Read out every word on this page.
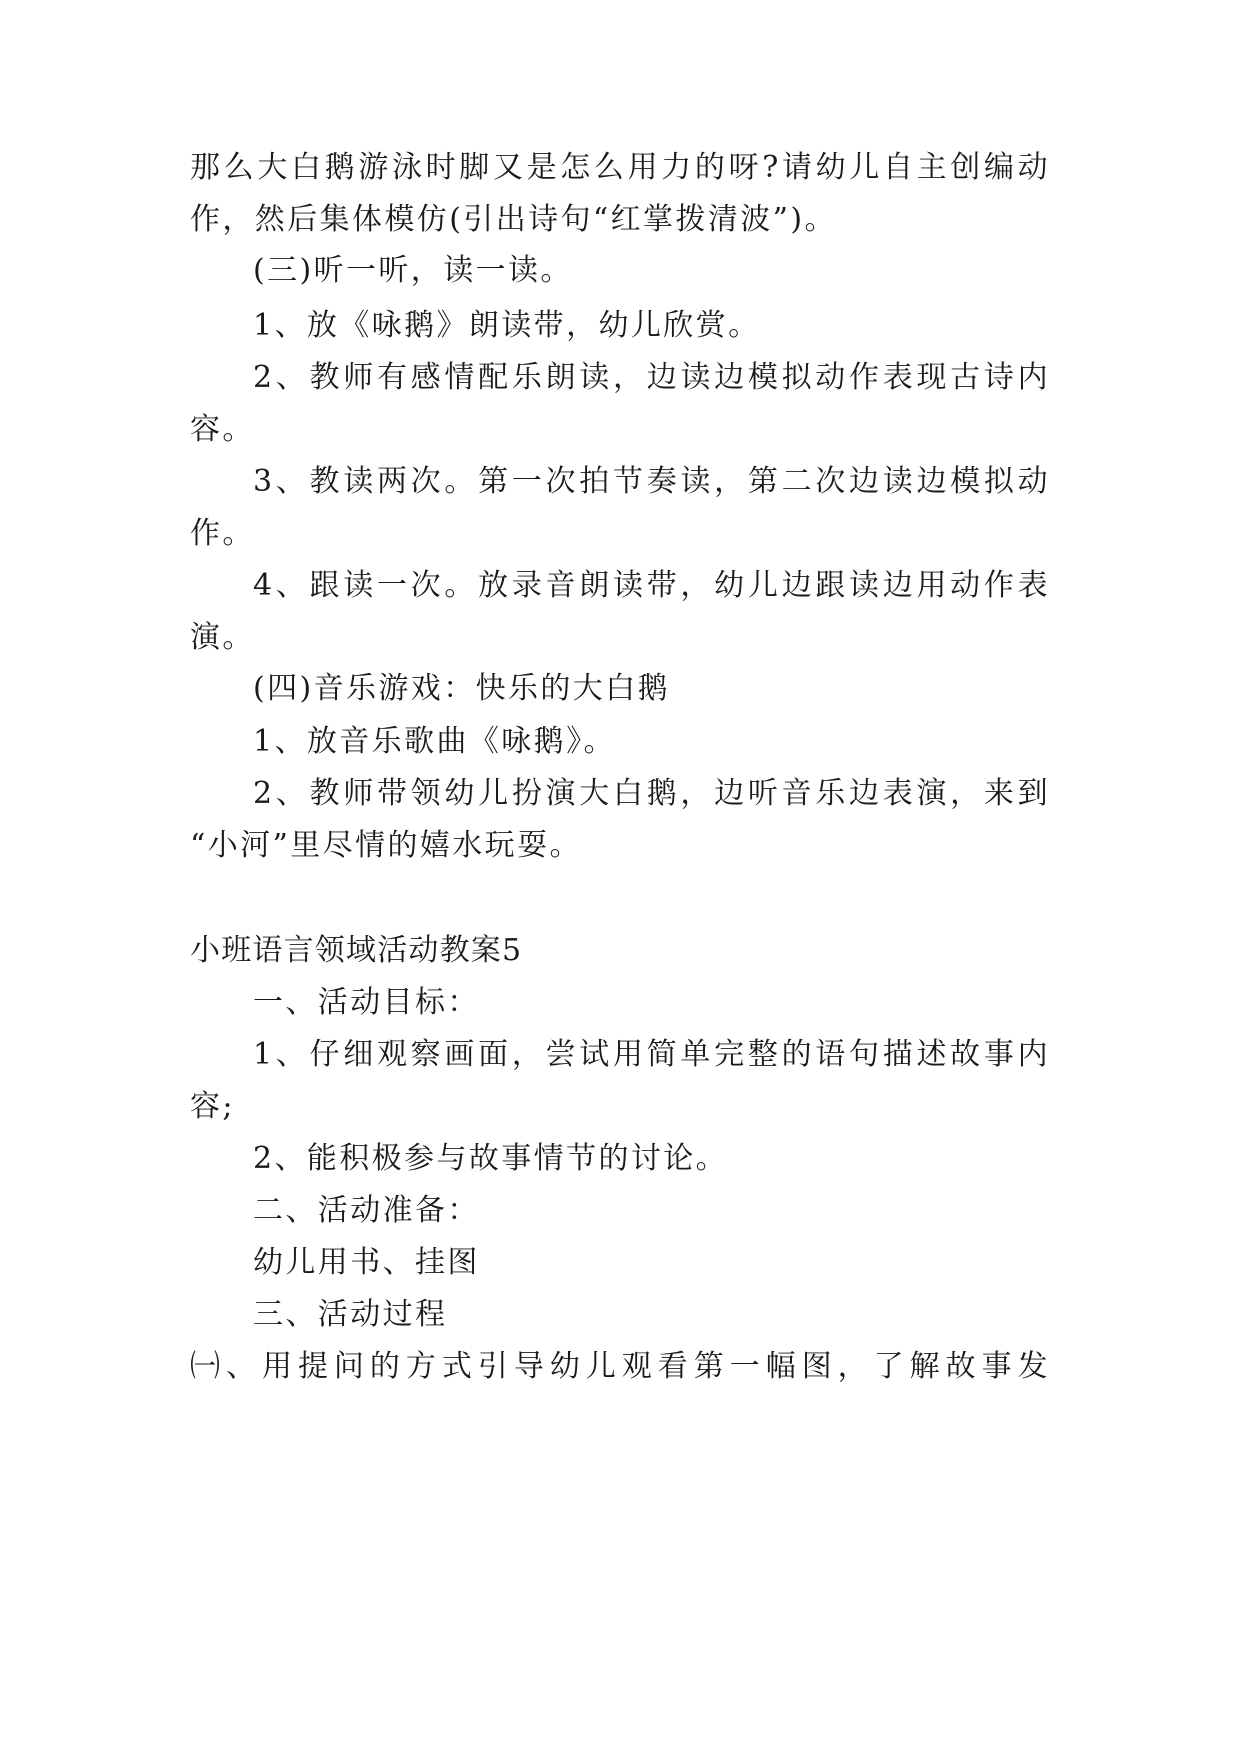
那么大白鹅游泳时脚又是怎么用力的呀?请幼儿自主创编动
作，然后集体模仿(引出诗句“红掌拨清波”)。
(三)听一听，读一读。
1、放《咏鹅》朗读带，幼儿欣赏。
2、教师有感情配乐朗读，边读边模拟动作表现古诗内
容。
3、教读两次。第一次拍节奏读，第二次边读边模拟动
作。
4、跟读一次。放录音朗读带，幼儿边跟读边用动作表
演。
(四)音乐游戏：快乐的大白鹅
1、放音乐歌曲《咏鹅》。
2、教师带领幼儿扮演大白鹅，边听音乐边表演，来到
“小河”里尽情的嬉水玩耍。
小班语言领域活动教案5
一、活动目标：
1、仔细观察画面，尝试用简单完整的语句描述故事内
容;
2、能积极参与故事情节的讨论。
二、活动准备：
幼儿用书、挂图
三、活动过程
㈠、用提问的方式引导幼儿观看第一幅图，了解故事发
